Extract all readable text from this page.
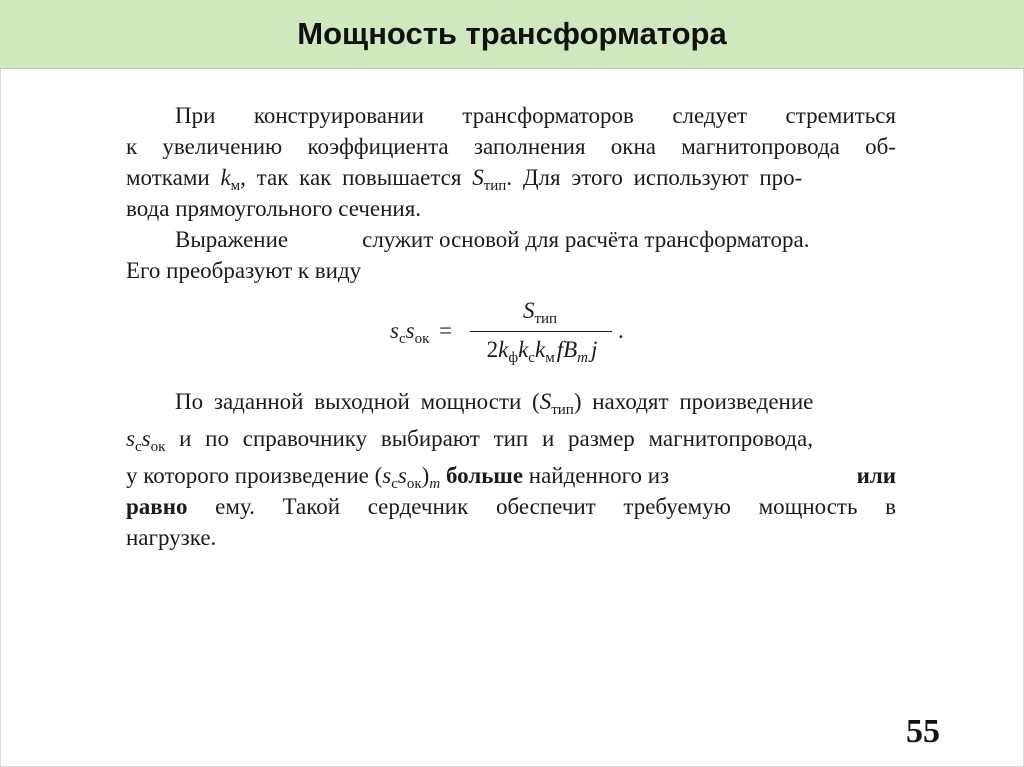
Мощность трансформатора
При конструировании трансформаторов следует стремиться
к увеличению коэффициента заполнения окна магнитопровода об-
мотками $k_м$, так как повышается $S_{тип}$. Для этого используют про-
вода прямоугольного сечения.
Выражение	служит основой для расчёта трансформатора.
Его преобразуют к виду
$s_cs_{ок}$ =
$S_{тип}$
$2k_фk_ck_мfB_m$ j
.
По заданной выходной мощности $(S_{тип})$ находят произведение
$s_cs_{ок}$ и по справочнику выбирают тип и размер магнитопровода,
у которого произведение $(s_cs_{ок})_m$ больше найденного из	или
равно ему. Такой сердечник обеспечит требуемую мощность в
нагрузке.
55
